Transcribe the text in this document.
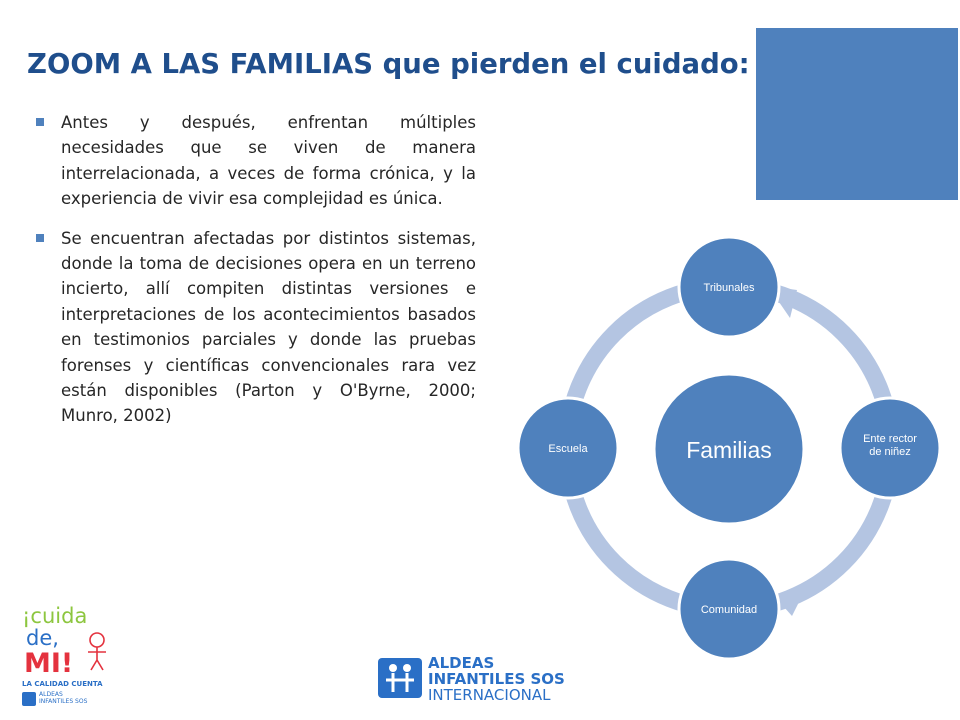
ZOOM A LAS FAMILIAS que pierden el cuidado:
Antes y después, enfrentan múltiples necesidades que se viven de manera interrelacionada, a veces de forma crónica, y la experiencia de vivir esa complejidad es única.
Se encuentran afectadas por distintos sistemas, donde la toma de decisiones opera en un terreno incierto, allí compiten distintas versiones e interpretaciones de los acontecimientos basados en testimonios parciales y donde las pruebas forenses y científicas convencionales rara vez están disponibles (Parton y O'Byrne, 2000; Munro, 2002)
Familias
Tribunales
Ente rector
de niñez
Comunidad
Escuela
¡cuida
de,
MI!
LA CALIDAD CUENTA
ALDEAS
INFANTILES SOS
ALDEAS
INFANTILES SOS
INTERNACIONAL
